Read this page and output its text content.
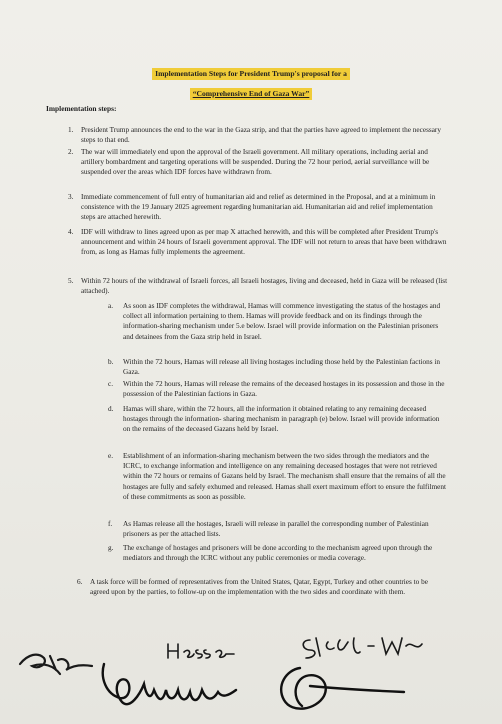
Implementation Steps for President Trump's proposal for a
“Comprehensive End of Gaza War”
Implementation steps:
1. President Trump announces the end to the war in the Gaza strip, and that the parties have agreed to implement the necessary steps to that end.
2. The war will immediately end upon the approval of the Israeli government. All military operations, including aerial and artillery bombardment and targeting operations will be suspended. During the 72 hour period, aerial surveillance will be suspended over the areas which IDF forces have withdrawn from.
3. Immediate commencement of full entry of humanitarian aid and relief as determined in the Proposal, and at a minimum in consistence with the 19 January 2025 agreement regarding humanitarian aid. Humanitarian aid and relief implementation steps are attached herewith.
4. IDF will withdraw to lines agreed upon as per map X attached herewith, and this will be completed after President Trump's announcement and within 24 hours of Israeli government approval. The IDF will not return to areas that have been withdrawn from, as long as Hamas fully implements the agreement.
5. Within 72 hours of the withdrawal of Israeli forces, all Israeli hostages, living and deceased, held in Gaza will be released (list attached).
a. As soon as IDF completes the withdrawal, Hamas will commence investigating the status of the hostages and collect all information pertaining to them. Hamas will provide feedback and on its findings through the information-sharing mechanism under 5.e below. Israel will provide information on the Palestinian prisoners and detainees from the Gaza strip held in Israel.
b. Within the 72 hours, Hamas will release all living hostages including those held by the Palestinian factions in Gaza.
c. Within the 72 hours, Hamas will release the remains of the deceased hostages in its possession and those in the possession of the Palestinian factions in Gaza.
d. Hamas will share, within the 72 hours, all the information it obtained relating to any remaining deceased hostages through the information- sharing mechanism in paragraph (e) below. Israel will provide information on the remains of the deceased Gazans held by Israel.
e. Establishment of an information-sharing mechanism between the two sides through the mediators and the ICRC, to exchange information and intelligence on any remaining deceased hostages that were not retrieved within the 72 hours or remains of Gazans held by Israel. The mechanism shall ensure that the remains of all the hostages are fully and safely exhumed and released. Hamas shall exert maximum effort to ensure the fulfilment of these commitments as soon as possible.
f. As Hamas release all the hostages, Israeli will release in parallel the corresponding number of Palestinian prisoners as per the attached lists.
g. The exchange of hostages and prisoners will be done according to the mechanism agreed upon through the mediators and through the ICRC without any public ceremonies or media coverage.
6. A task force will be formed of representatives from the United States, Qatar, Egypt, Turkey and other countries to be agreed upon by the parties, to follow-up on the implementation with the two sides and coordinate with them.
